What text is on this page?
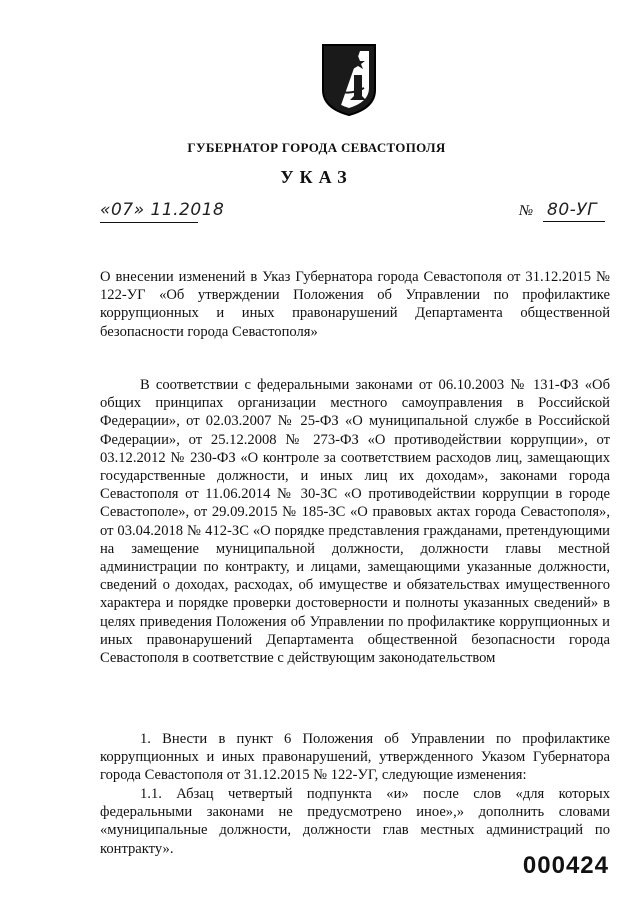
ГУБЕРНАТОР ГОРОДА СЕВАСТОПОЛЯ
УКАЗ
«07» 11.2018	№ 80-УГ
О внесении изменений в Указ Губернатора города Севастополя от 31.12.2015 № 122-УГ «Об утверждении Положения об Управлении по профилактике коррупционных и иных правонарушений Департамента общественной безопасности города Севастополя»
В соответствии с федеральными законами от 06.10.2003 № 131-ФЗ «Об общих принципах организации местного самоуправления в Российской Федерации», от 02.03.2007 № 25-ФЗ «О муниципальной службе в Российской Федерации», от 25.12.2008 № 273-ФЗ «О противодействии коррупции», от 03.12.2012 № 230-ФЗ «О контроле за соответствием расходов лиц, замещающих государственные должности, и иных лиц их доходам», законами города Севастополя от 11.06.2014 № 30-ЗС «О противодействии коррупции в городе Севастополе», от 29.09.2015 № 185-ЗС «О правовых актах города Севастополя», от 03.04.2018 № 412-ЗС «О порядке представления гражданами, претендующими на замещение муниципальной должности, должности главы местной администрации по контракту, и лицами, замещающими указанные должности, сведений о доходах, расходах, об имуществе и обязательствах имущественного характера и порядке проверки достоверности и полноты указанных сведений» в целях приведения Положения об Управлении по профилактике коррупционных и иных правонарушений Департамента общественной безопасности города Севастополя в соответствие с действующим законодательством
1. Внести в пункт 6 Положения об Управлении по профилактике коррупционных и иных правонарушений, утвержденного Указом Губернатора города Севастополя от 31.12.2015 № 122-УГ, следующие изменения:
1.1. Абзац четвертый подпункта «и» после слов «для которых федеральными законами не предусмотрено иное»,» дополнить словами «муниципальные должности, должности глав местных администраций по контракту».
000424
